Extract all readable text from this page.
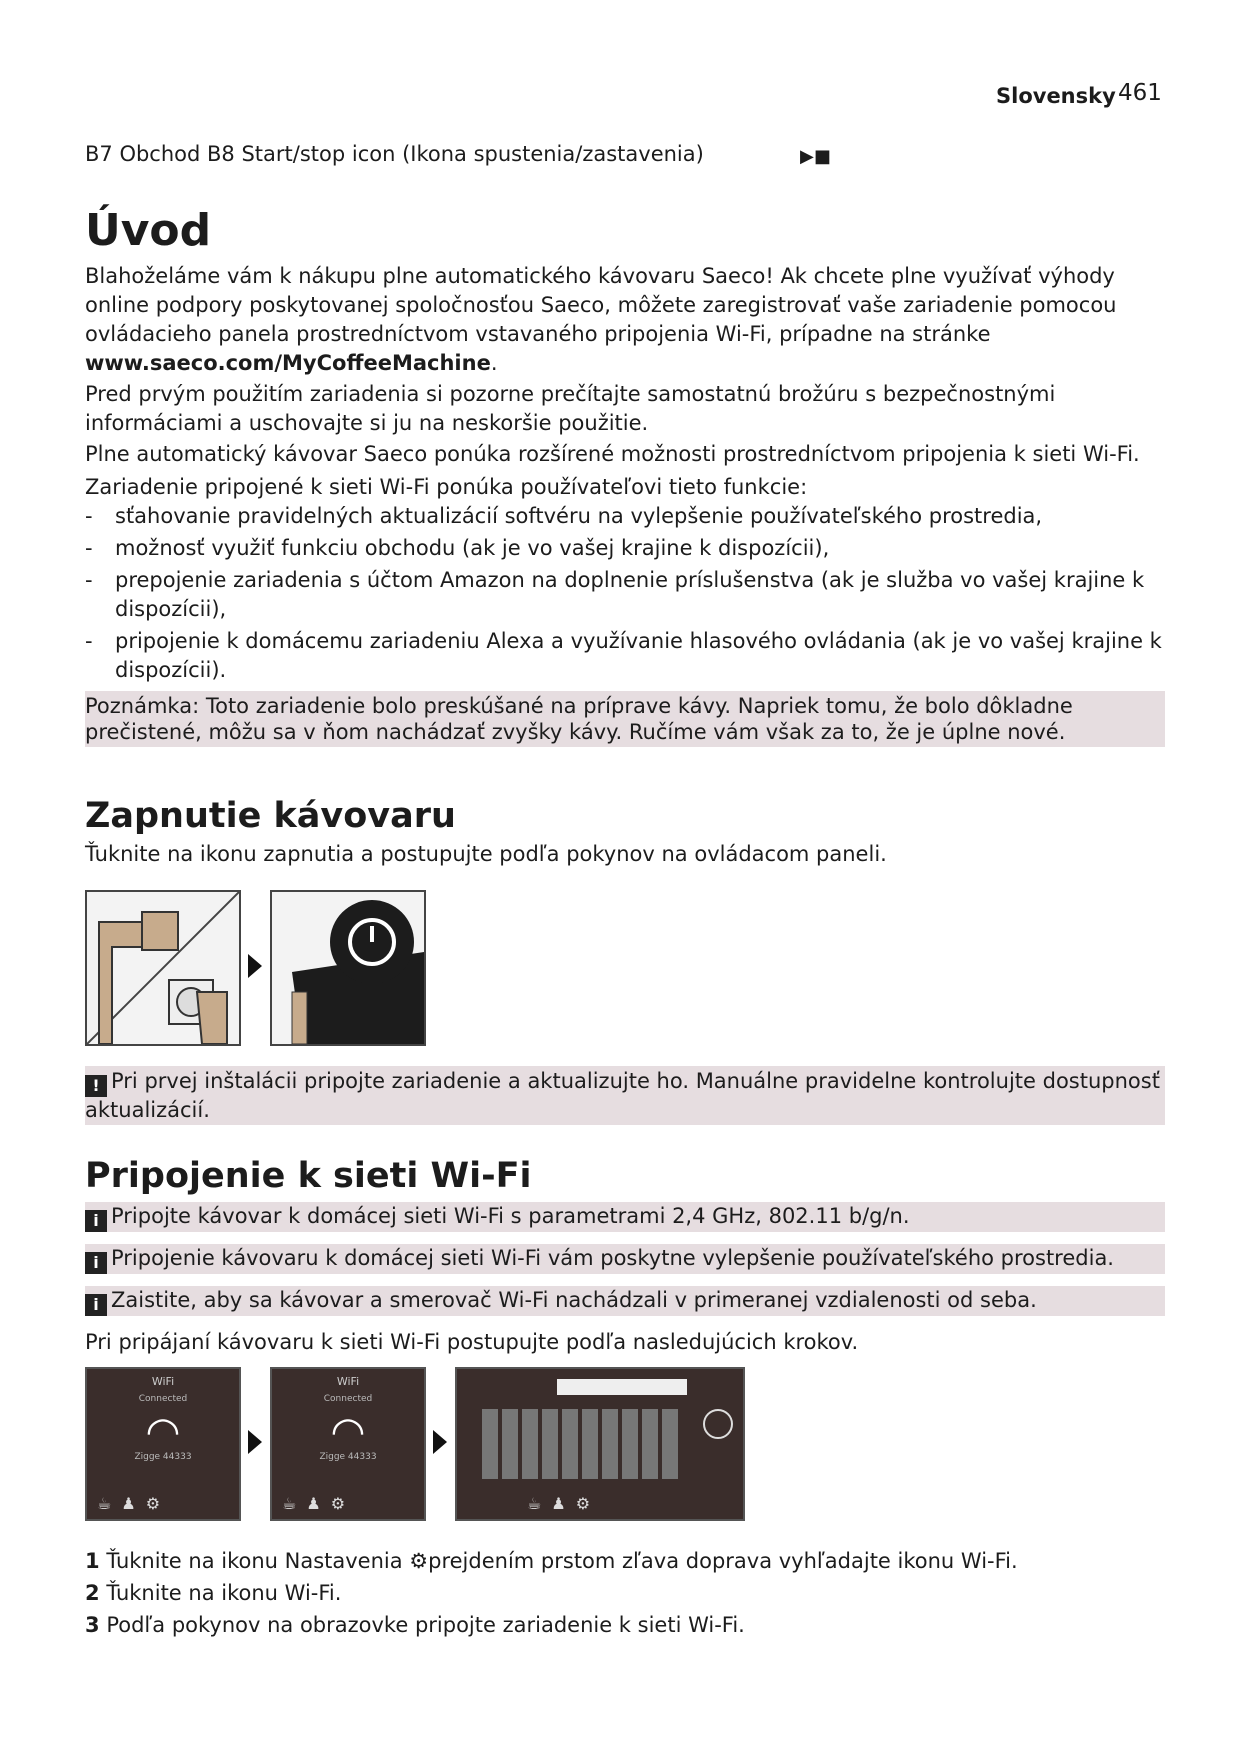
Slovensky 461
B7 Obchod B8 Start/stop icon (Ikona spustenia/zastavenia)	▶■
Úvod

Blahoželáme vám k nákupu plne automatického kávovaru Saeco! Ak chcete plne využívať výhody online podpory poskytovanej spoločnosťou Saeco, môžete zaregistrovať vaše zariadenie pomocou ovládacieho panela prostredníctvom vstavaného pripojenia Wi-Fi, prípadne na stránke www.saeco.com/MyCoffeeMachine.

Pred prvým použitím zariadenia si pozorne prečítajte samostatnú brožúru s bezpečnostnými informáciami a uschovajte si ju na neskoršie použitie.

Plne automatický kávovar Saeco ponúka rozšírené možnosti prostredníctvom pripojenia k sieti Wi-Fi.

Zariadenie pripojené k sieti Wi-Fi ponúka používateľovi tieto funkcie:

- sťahovanie pravidelných aktualizácií softvéru na vylepšenie používateľského prostredia,
- možnosť využiť funkciu obchodu (ak je vo vašej krajine k dispozícii),
- prepojenie zariadenia s účtom Amazon na doplnenie príslušenstva (ak je služba vo vašej krajine k dispozícii),
- pripojenie k domácemu zariadeniu Alexa a využívanie hlasového ovládania (ak je vo vašej krajine k dispozícii).
Poznámka: Toto zariadenie bolo preskúšané na príprave kávy. Napriek tomu, že bolo dôkladne prečistené, môžu sa v ňom nachádzať zvyšky kávy. Ručíme vám však za to, že je úplne nové.
Zapnutie kávovaru

Ťuknite na ikonu zapnutia a postupujte podľa pokynov na ovládacom paneli.

! Pri prvej inštalácii pripojte zariadenie a aktualizujte ho. Manuálne pravidelne kontrolujte dostupnosť aktualizácií.
Pripojenie k sieti Wi-Fi
i Pripojte kávovar k domácej sieti Wi-Fi s parametrami 2,4 GHz, 802.11 b/g/n.
i Pripojenie kávovaru k domácej sieti Wi-Fi vám poskytne vylepšenie používateľského prostredia.
i Zaistite, aby sa kávovar a smerovač Wi-Fi nachádzali v primeranej vzdialenosti od seba.

Pri pripájaní kávovaru k sieti Wi-Fi postupujte podľa nasledujúcich krokov.

WiFi
Connected
◠
Zigge 44333
☕♟⚙
WiFi
Connected
◠
Zigge 44333
☕♟⚙	☕♟⚙

1 Ťuknite na ikonu Nastavenia ⚙prejdením prstom zľava doprava vyhľadajte ikonu Wi-Fi.

2 Ťuknite na ikonu Wi-Fi.

3 Podľa pokynov na obrazovke pripojte zariadenie k sieti Wi-Fi.
